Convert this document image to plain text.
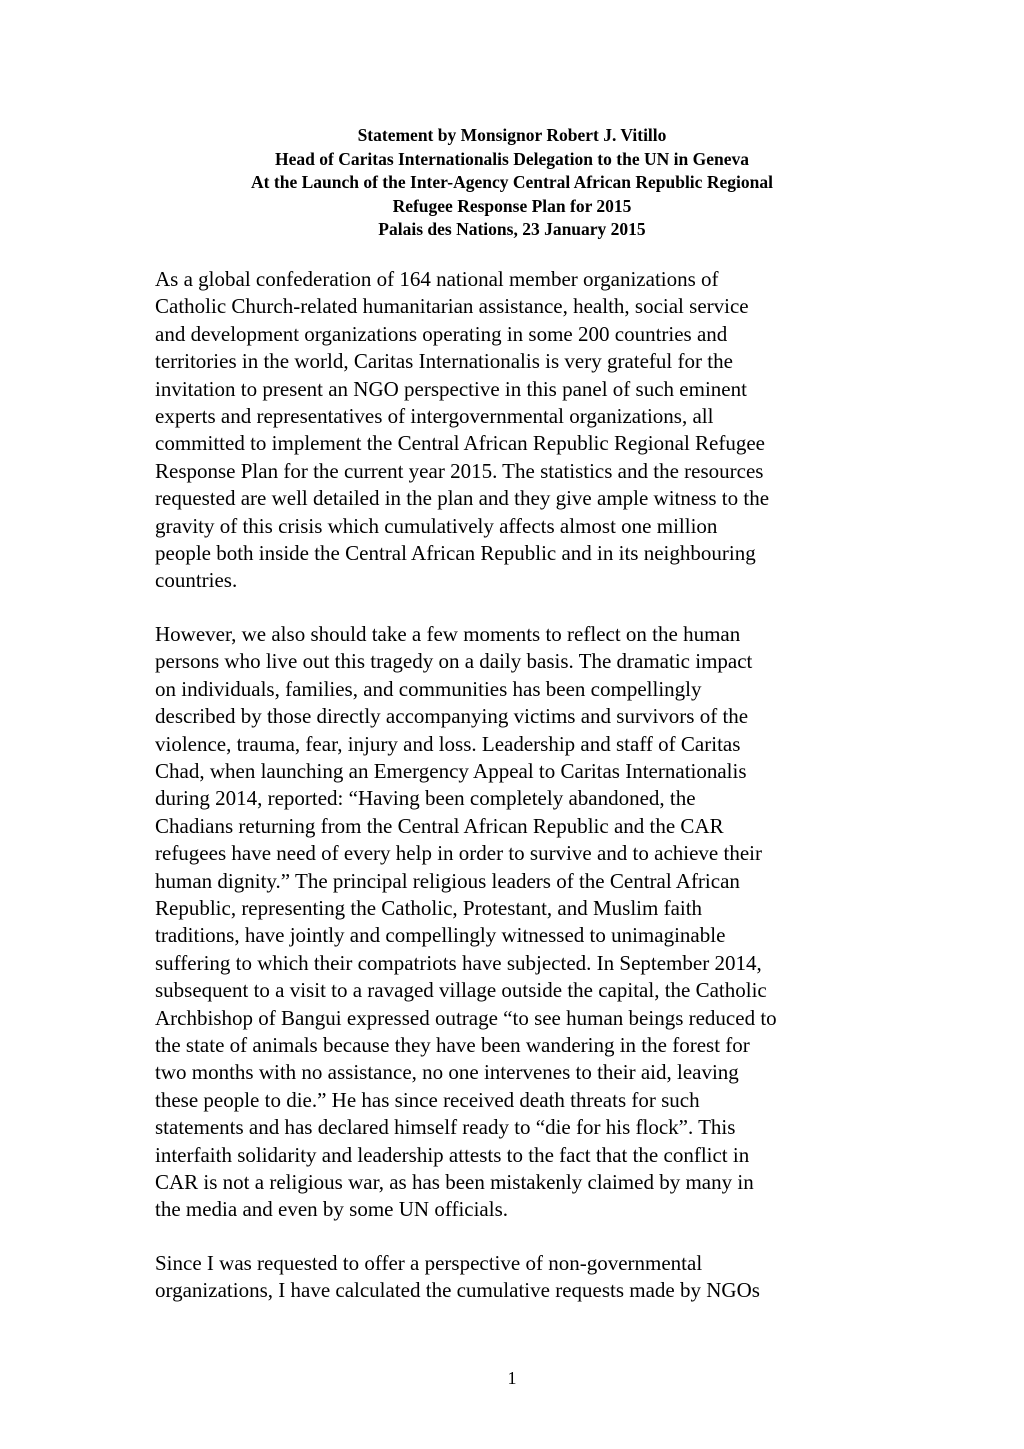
Statement by Monsignor Robert J. Vitillo
Head of Caritas Internationalis Delegation to the UN in Geneva
At the Launch of the Inter-Agency Central African Republic Regional
Refugee Response Plan for 2015
Palais des Nations, 23 January 2015

As a global confederation of 164 national member organizations of
Catholic Church-related humanitarian assistance, health, social service
and development organizations operating in some 200 countries and
territories in the world, Caritas Internationalis is very grateful for the
invitation to present an NGO perspective in this panel of such eminent
experts and representatives of intergovernmental organizations, all
committed to implement the Central African Republic Regional Refugee
Response Plan for the current year 2015. The statistics and the resources
requested are well detailed in the plan and they give ample witness to the
gravity of this crisis which cumulatively affects almost one million
people both inside the Central African Republic and in its neighbouring
countries.

However, we also should take a few moments to reflect on the human
persons who live out this tragedy on a daily basis. The dramatic impact
on individuals, families, and communities has been compellingly
described by those directly accompanying victims and survivors of the
violence, trauma, fear, injury and loss. Leadership and staff of Caritas
Chad, when launching an Emergency Appeal to Caritas Internationalis
during 2014, reported: “Having been completely abandoned, the
Chadians returning from the Central African Republic and the CAR
refugees have need of every help in order to survive and to achieve their
human dignity.” The principal religious leaders of the Central African
Republic, representing the Catholic, Protestant, and Muslim faith
traditions, have jointly and compellingly witnessed to unimaginable
suffering to which their compatriots have subjected. In September 2014,
subsequent to a visit to a ravaged village outside the capital, the Catholic
Archbishop of Bangui expressed outrage “to see human beings reduced to
the state of animals because they have been wandering in the forest for
two months with no assistance, no one intervenes to their aid, leaving
these people to die.” He has since received death threats for such
statements and has declared himself ready to “die for his flock”. This
interfaith solidarity and leadership attests to the fact that the conflict in
CAR is not a religious war, as has been mistakenly claimed by many in
the media and even by some UN officials.

Since I was requested to offer a perspective of non-governmental
organizations, I have calculated the cumulative requests made by NGOs

1
